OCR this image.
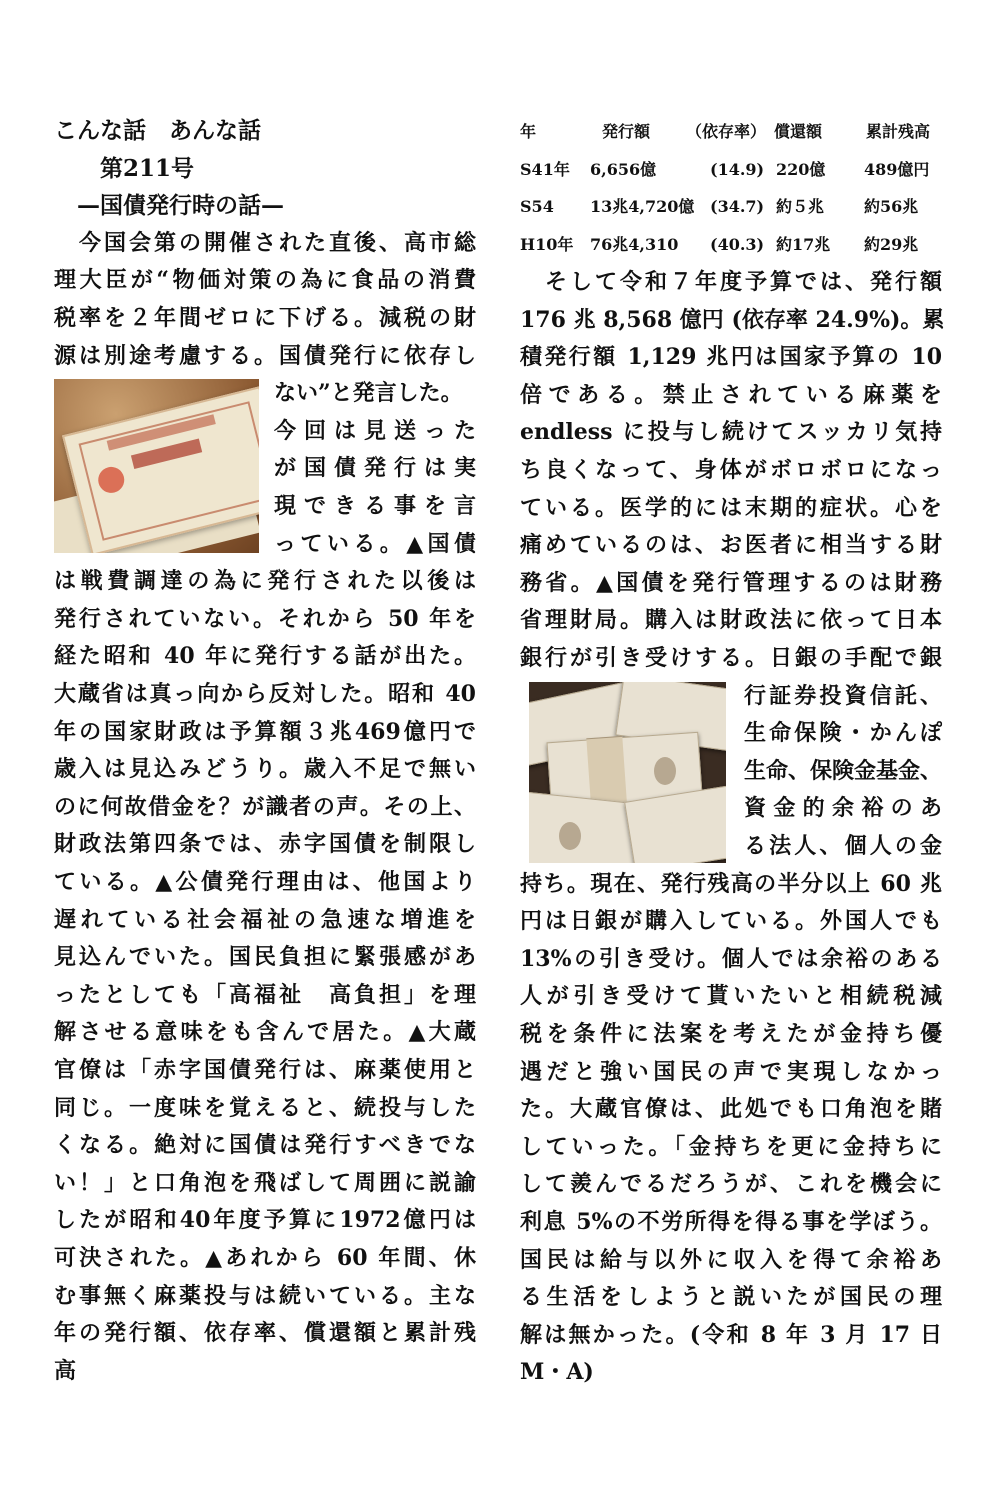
こんな話　あんな話
　　第211号
　—国債発行時の話—
　今国会第の開催された直後、高市総
理大臣が“物価対策の為に食品の消費
税率を２年間ゼロに下げる。減税の財
源は別途考慮する。国債発行に依存し
ない”と発言した。
今回は見送った
が国債発行は実
現できる事を言
っている。▲国債
は戦費調達の為に発行された以後は
発行されていない。それから 50 年を
経た昭和 40 年に発行する話が出た。
大蔵省は真っ向から反対した。昭和 40
年の国家財政は予算額３兆469億円で
歳入は見込みどうり。歳入不足で無い
のに何故借金を？が識者の声。その上、
財政法第四条では、赤字国債を制限し
ている。▲公債発行理由は、他国より
遅れている社会福祉の急速な増進を
見込んでいた。国民負担に緊張感があ
ったとしても「高福祉　高負担」を理
解させる意味をも含んで居た。▲大蔵
官僚は「赤字国債発行は、麻薬使用と
同じ。一度味を覚えると、続投与した
くなる。絶対に国債は発行すべきでな
い！」と口角泡を飛ばして周囲に説諭
したが昭和40年度予算に1972億円は
可決された。▲あれから 60 年間、休
む事無く麻薬投与は続いている。主な
年の発行額、依存率、償還額と累計残
高
年	発行額 （依存率） 償還額	累計残高
S41年 6,656億	(14.9) 220億 489億円
S54 13兆4,720億 (34.7) 約５兆 約56兆
H10年 76兆4,310 (40.3) 約17兆 約29兆
　そして令和７年度予算では、発行額
176 兆 8,568 億円 (依存率 24.9%)。累
積発行額 1,129 兆円は国家予算の 10
倍である。禁止されている麻薬を
endless に投与し続けてスッカリ気持
ち良くなって、身体がボロボロになっ
ている。医学的には末期的症状。心を
痛めているのは、お医者に相当する財
務省。▲国債を発行管理するのは財務
省理財局。購入は財政法に依って日本
銀行が引き受けする。日銀の手配で銀
行証券投資信託、
生命保険・かんぽ
生命、保険金基金、
資金的余裕のあ
る法人、個人の金
持ち。現在、発行残高の半分以上 60 兆
円は日銀が購入している。外国人でも
13%の引き受け。個人では余裕のある
人が引き受けて貰いたいと相続税減
税を条件に法案を考えたが金持ち優
遇だと強い国民の声で実現しなかっ
た。大蔵官僚は、此処でも口角泡を賭
していった。「金持ちを更に金持ちに
して羨んでるだろうが、これを機会に
利息 5%の不労所得を得る事を学ぼう。
国民は給与以外に収入を得て余裕あ
る生活をしようと説いたが国民の理
解は無かった。(令和 8 年 3 月 17 日
M・A)
